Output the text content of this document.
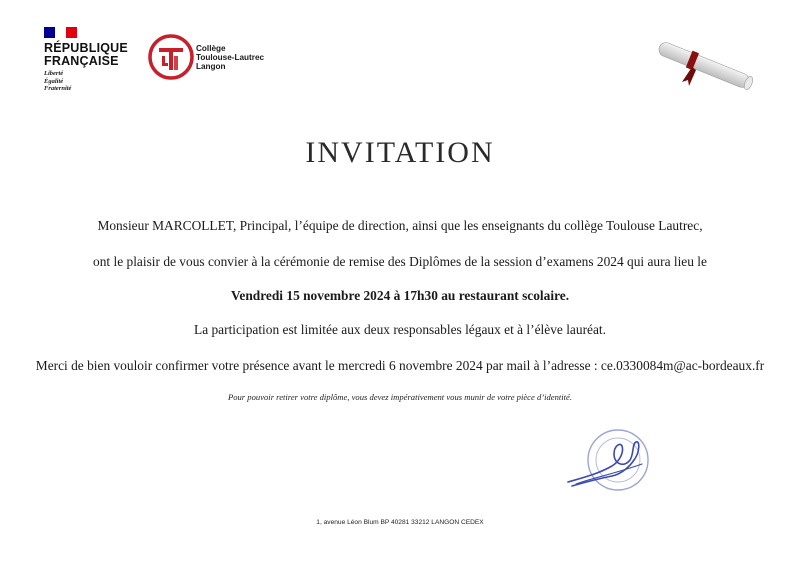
RÉPUBLIQUE
FRANÇAISE
Liberté
Égalité
Fraternité
Collège
Toulouse-Lautrec
Langon
INVITATION
Monsieur MARCOLLET, Principal, l’équipe de direction, ainsi que les enseignants du collège Toulouse Lautrec,
ont le plaisir de vous convier à la cérémonie de remise des Diplômes de la session d’examens 2024 qui aura lieu le
Vendredi 15 novembre 2024 à 17h30 au restaurant scolaire.
La participation est limitée aux deux responsables légaux et à l’élève lauréat.
Merci de bien vouloir confirmer votre présence avant le mercredi 6 novembre 2024 par mail à l’adresse : ce.0330084m@ac-bordeaux.fr
Pour pouvoir retirer votre diplôme, vous devez impérativement vous munir de votre pièce d’identité.
1, avenue Léon Blum BP 40281 33212 LANGON CEDEX
